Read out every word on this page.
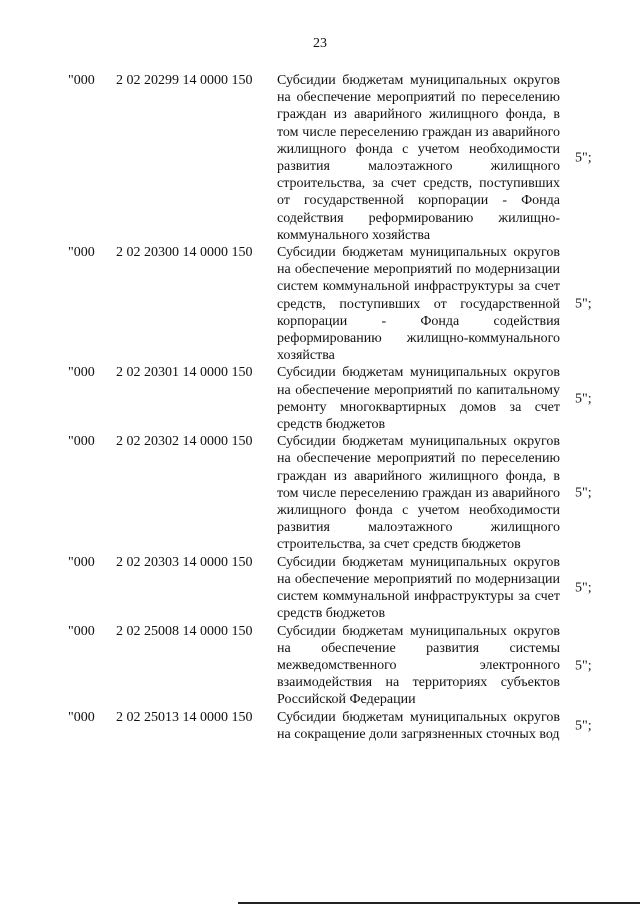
23
"000 2 02 20299 14 0000 150 Субсидии бюджетам муниципальных округов на обеспечение мероприятий по переселению граждан из аварийного жилищного фонда, в том числе переселению граждан из аварийного жилищного фонда с учетом необходимости развития малоэтажного жилищного строительства, за счет средств, поступивших от государственной корпорации - Фонда содействия реформированию жилищно-коммунального хозяйства

5";
"000 2 02 20300 14 0000 150 Субсидии бюджетам муниципальных округов на обеспечение мероприятий по модернизации систем коммунальной инфраструктуры за счет средств, поступивших от государственной корпорации - Фонда содействия реформированию жилищно-коммунального хозяйства

5";
"000 2 02 20301 14 0000 150 Субсидии бюджетам муниципальных округов на обеспечение мероприятий по капитальному ремонту многоквартирных домов за счет средств бюджетов

5";
"000 2 02 20302 14 0000 150 Субсидии бюджетам муниципальных округов на обеспечение мероприятий по переселению граждан из аварийного жилищного фонда, в том числе переселению граждан из аварийного жилищного фонда с учетом необходимости развития малоэтажного жилищного строительства, за счет средств бюджетов

5";
"000 2 02 20303 14 0000 150 Субсидии бюджетам муниципальных округов на обеспечение мероприятий по модернизации систем коммунальной инфраструктуры за счет средств бюджетов

5";
"000 2 02 25008 14 0000 150 Субсидии бюджетам муниципальных округов на обеспечение развития системы межведомственного электронного взаимодействия на территориях субъектов Российской Федерации

5";
"000 2 02 25013 14 0000 150 Субсидии бюджетам муниципальных округов на сокращение доли загрязненных сточных вод

5";
